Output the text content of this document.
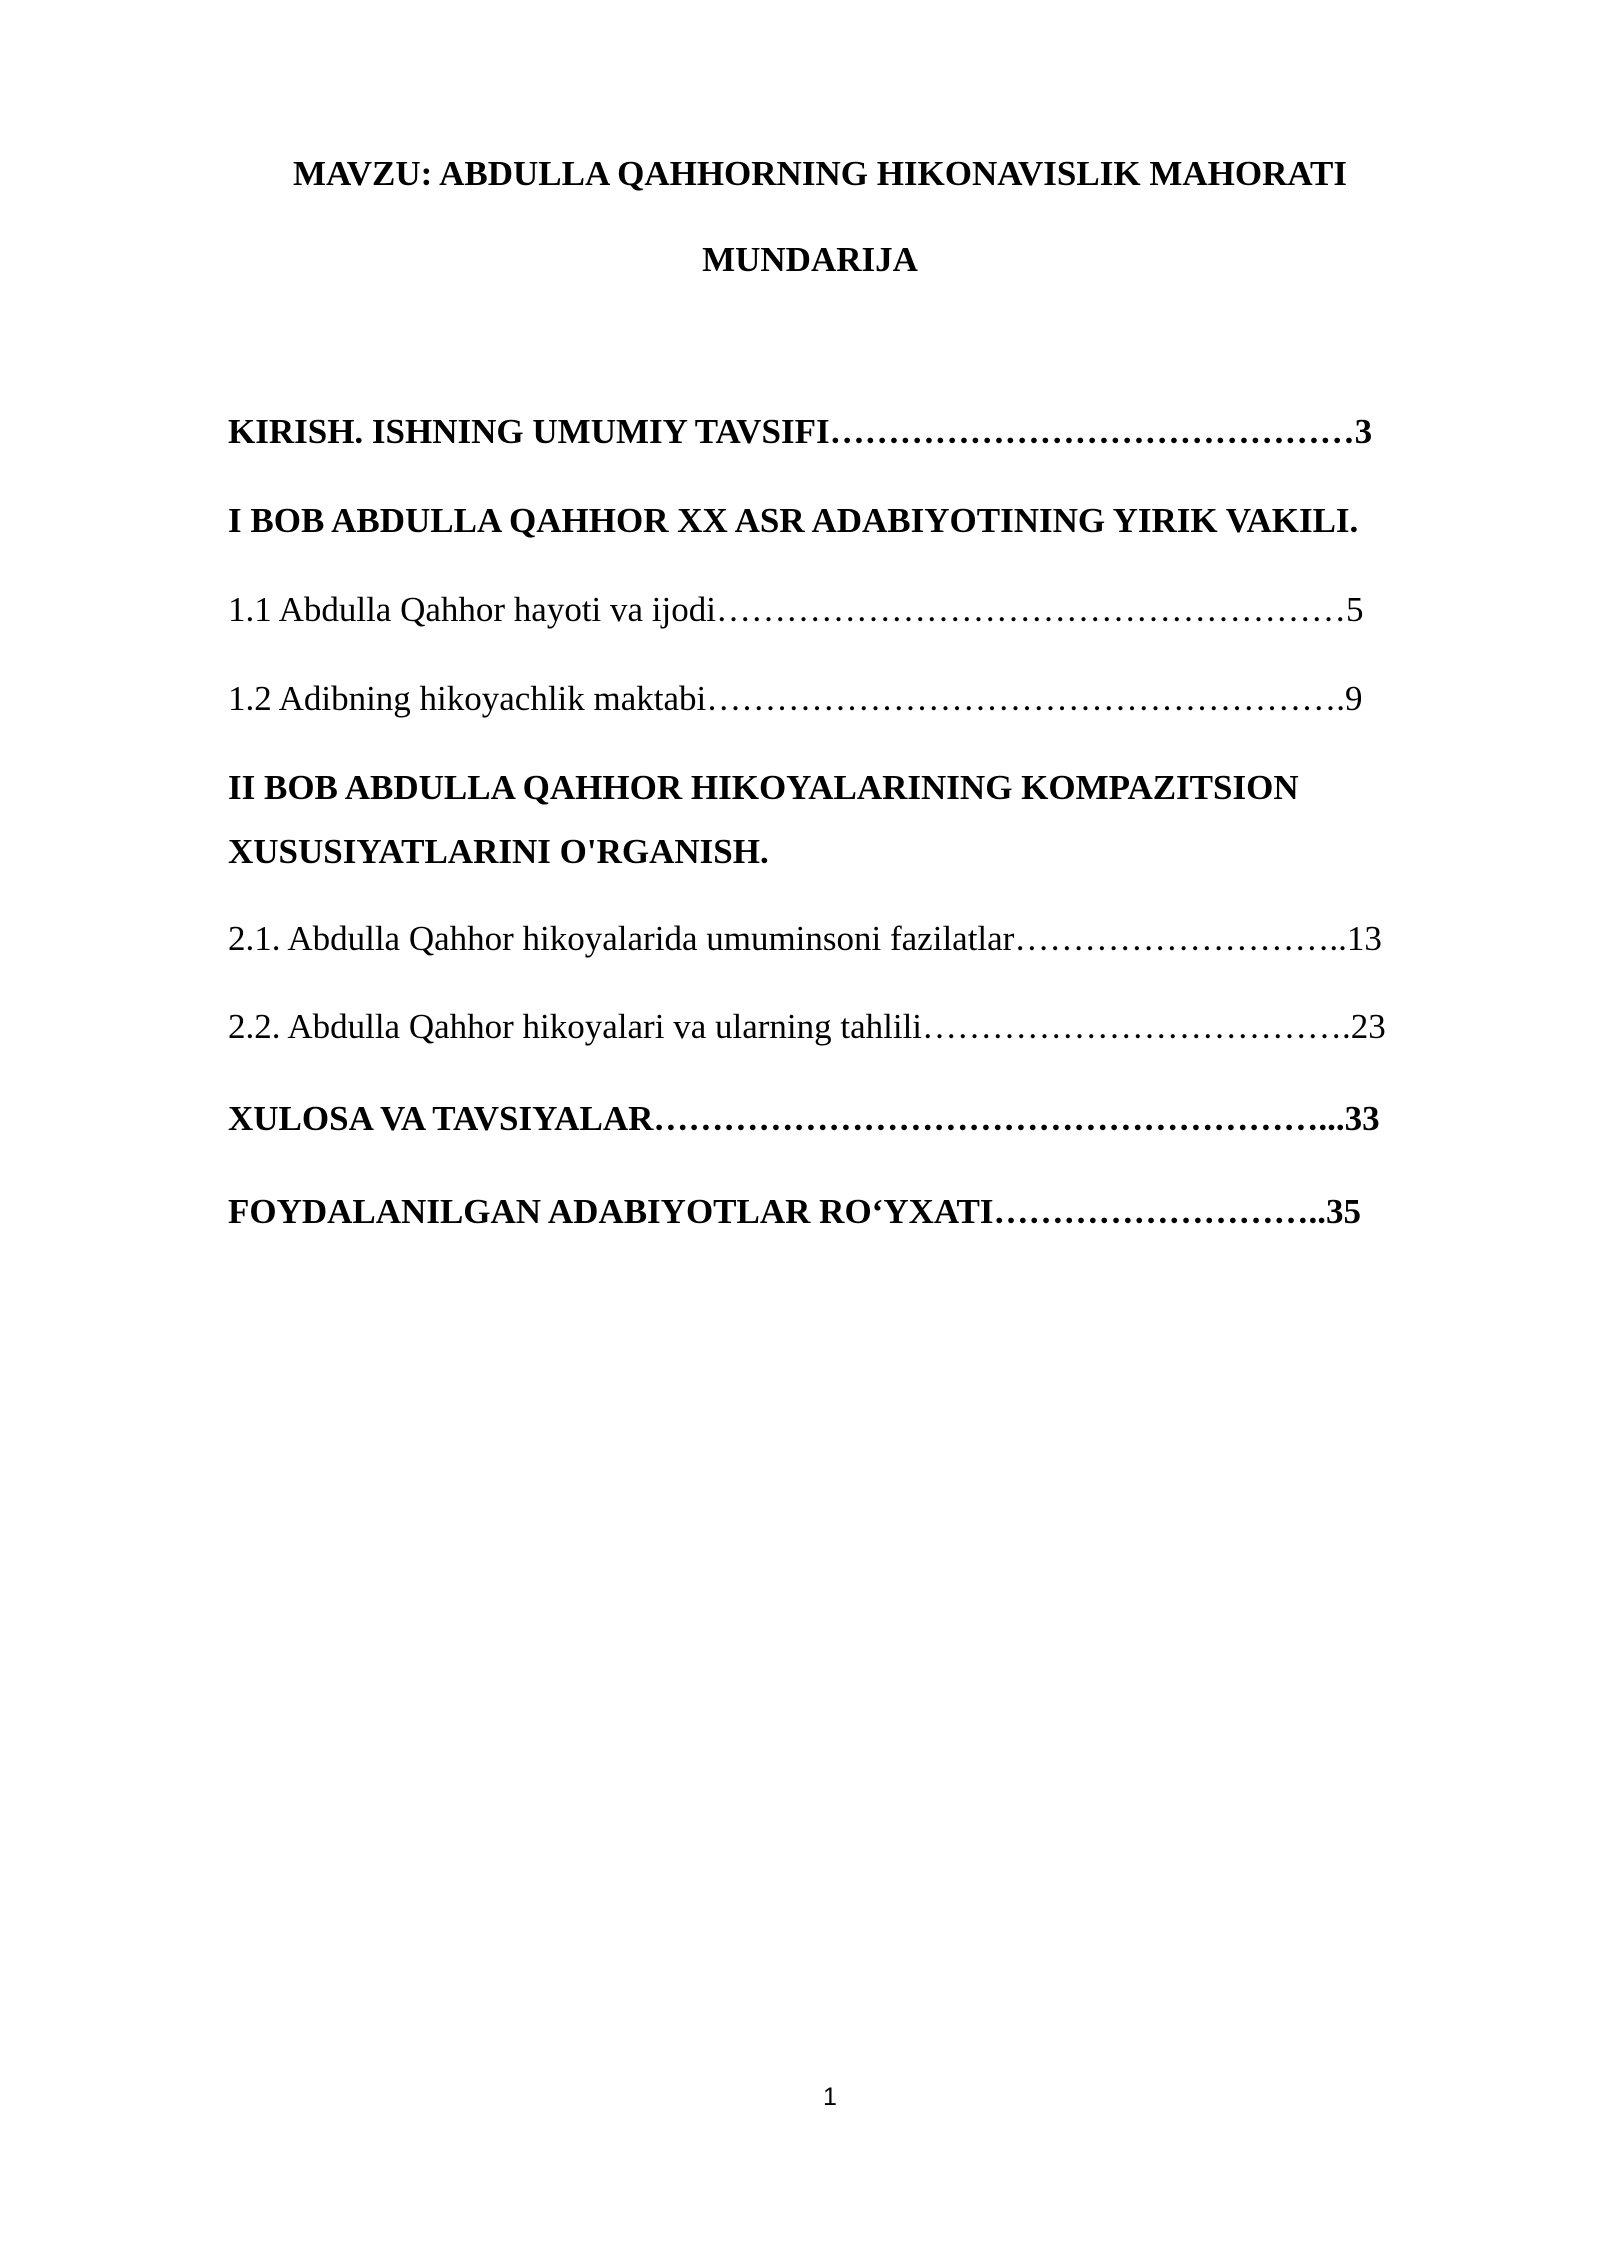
MAVZU: ABDULLA QAHHORNING HIKONAVISLIK MAHORATI
MUNDARIJA
KIRISH. ISHNING UMUMIY TAVSIFI………………………………………3
I BOB ABDULLA QAHHOR XX ASR ADABIYOTINING YIRIK VAKILI.
1.1 Abdulla Qahhor hayoti va ijodi………………………………………………5
1.2 Adibning hikoyachlik maktabi……………………………………………….9
II BOB ABDULLA QAHHOR HIKOYALARINING KOMPAZITSION
XUSUSIYATLARINI O'RGANISH.
2.1. Abdulla Qahhor hikoyalarida umuminsoni fazilatlar………………………..13
2.2. Abdulla Qahhor hikoyalari va ularning tahlili……………………………….23
XULOSA VA TAVSIYALAR…………………………………………………...33
FOYDALANILGAN ADABIYOTLAR RO‘YXATI………………………..35
1
